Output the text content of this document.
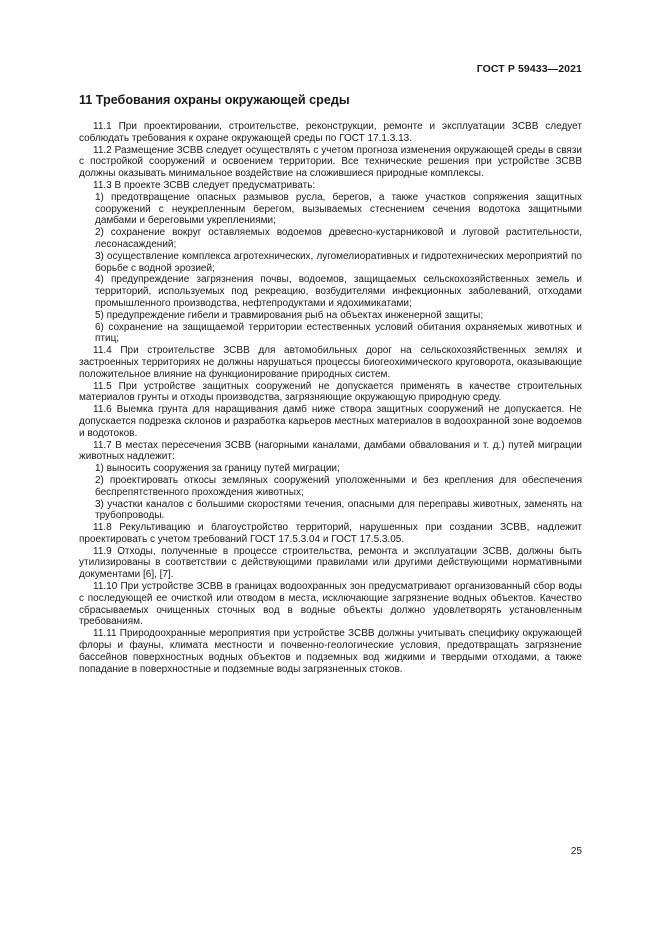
ГОСТ Р 59433—2021
11 Требования охраны окружающей среды

11.1 При проектировании, строительстве, реконструкции, ремонте и эксплуатации ЗСВВ следует соблюдать требования к охране окружающей среды по ГОСТ 17.1.3.13.

11.2 Размещение ЗСВВ следует осуществлять с учетом прогноза изменения окружающей среды в связи с постройкой сооружений и освоением территории. Все технические решения при устройстве ЗСВВ должны оказывать минимальное воздействие на сложившиеся природные комплексы.

11.3 В проекте ЗСВВ следует предусматривать:

1) предотвращение опасных размывов русла, берегов, а также участков сопряжения защитных сооружений с неукрепленным берегом, вызываемых стеснением сечения водотока защитными дамбами и береговыми укреплениями;

2) сохранение вокруг оставляемых водоемов древесно-кустарниковой и луговой растительности, лесонасаждений;

3) осуществление комплекса агротехнических, лугомелиоративных и гидротехнических мероприятий по борьбе с водной эрозией;

4) предупреждение загрязнения почвы, водоемов, защищаемых сельскохозяйственных земель и территорий, используемых под рекреацию, возбудителями инфекционных заболеваний, отходами промышленного производства, нефтепродуктами и ядохимикатами;

5) предупреждение гибели и травмирования рыб на объектах инженерной защиты;

6) сохранение на защищаемой территории естественных условий обитания охраняемых животных и птиц;

11.4 При строительстве ЗСВВ для автомобильных дорог на сельскохозяйственных землях и застроенных территориях не должны нарушаться процессы биогеохимического круговорота, оказывающие положительное влияние на функционирование природных систем.

11.5 При устройстве защитных сооружений не допускается применять в качестве строительных материалов грунты и отходы производства, загрязняющие окружающую природную среду.

11.6 Выемка грунта для наращивания дамб ниже створа защитных сооружений не допускается. Не допускается подрезка склонов и разработка карьеров местных материалов в водоохранной зоне водоемов и водотоков.

11.7 В местах пересечения ЗСВВ (нагорными каналами, дамбами обвалования и т. д.) путей миграции животных надлежит:

1) выносить сооружения за границу путей миграции;

2) проектировать откосы земляных сооружений уположенными и без крепления для обеспечения беспрепятственного прохождения животных;

3) участки каналов с большими скоростями течения, опасными для переправы животных, заменять на трубопроводы.

11.8 Рекультивацию и благоустройство территорий, нарушенных при создании ЗСВВ, надлежит проектировать с учетом требований ГОСТ 17.5.3.04 и ГОСТ 17.5.3.05.

11.9 Отходы, полученные в процессе строительства, ремонта и эксплуатации ЗСВВ, должны быть утилизированы в соответствии с действующими правилами или другими действующими нормативными документами [6], [7].

11.10 При устройстве ЗСВВ в границах водоохранных зон предусматривают организованный сбор воды с последующей ее очисткой или отводом в места, исключающие загрязнение водных объектов. Качество сбрасываемых очищенных сточных вод в водные объекты должно удовлетворять установленным требованиям.

11.11 Природоохранные мероприятия при устройстве ЗСВВ должны учитывать специфику окружающей флоры и фауны, климата местности и почвенно-геологические условия, предотвращать загрязнение бассейнов поверхностных водных объектов и подземных вод жидкими и твердыми отходами, а также попадание в поверхностные и подземные воды загрязненных стоков.

25
